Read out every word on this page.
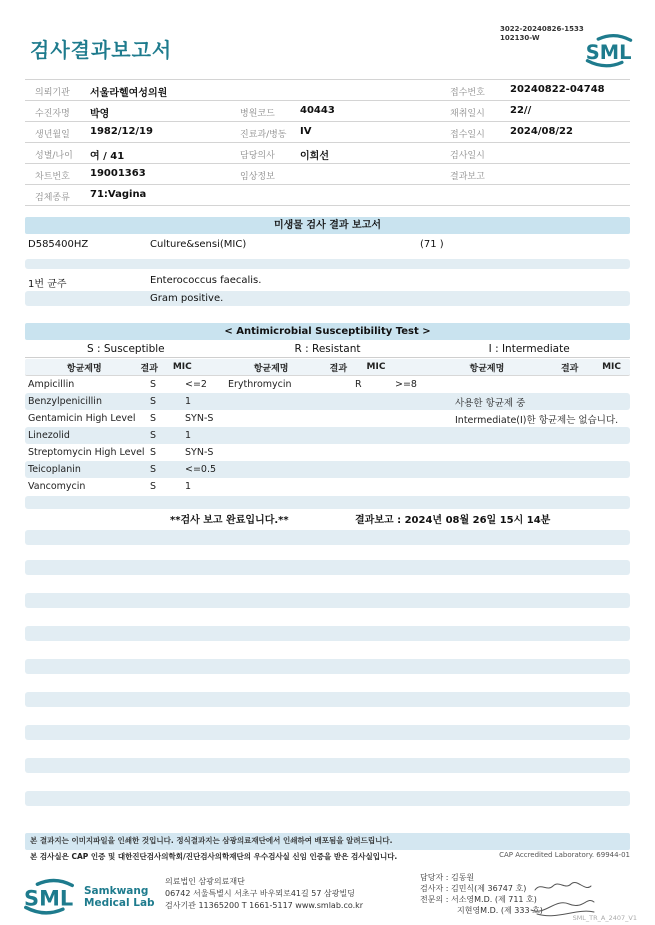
검사결과보고서
3022-20240826-1533
102130-W
SML
의뢰기관 서울라헬여성의원	접수번호	20240822-04748
수진자명 박영	병원코드	40443	채취일시	22//
생년월일 1982/12/19	진료과/병동 IV	접수일시	2024/08/22
성별/나이 여 / 41	담당의사	이희선	검사일시
차트번호 19001363	임상정보	결과보고
검체종류 71:Vagina
미생물 검사 결과 보고서
D585400HZ	Culture&sensi(MIC)	(71 )
1번 균주	Enterococcus faecalis.
Gram positive.
< Antimicrobial Susceptibility Test >
S : Susceptible	R : Resistant	I : Intermediate
항균제명	결과	MIC	항균제명	결과	MIC	항균제명	결과	MIC
Ampicillin	S	<=2	Erythromycin	R	>=8
Benzylpenicillin	S	1	사용한 항균제 중
Gentamicin High Level	S	SYN-S	Intermediate(I)한 항균제는 없습니다.
Linezolid	S	1
Streptomycin High Level S	SYN-S
Teicoplanin	S	<=0.5
Vancomycin	S	1
**검사 보고 완료입니다.**	결과보고 : 2024년 08월 26일 15시 14분
본 결과지는 이미지파일을 인쇄한 것입니다. 정식결과지는 삼광의료재단에서 인쇄하여 배포됨을 알려드립니다.
본 검사실은 CAP 인증 및 대한진단검사의학회/진단검사의학재단의 우수검사실 신임 인증을 받은 검사실입니다.	CAP Accredited Laboratory. 69944-01
SML Samkwang
Medical Lab
의료법인 삼광의료재단
06742 서울특별시 서초구 바우뫼로41길 57 삼광빌딩
검사기관 11365200 T 1661-5117 www.smlab.co.kr
담당자 : 김동원
검사자 : 김민식(제 36747 호)
전문의 : 서소영M.D. (제 711 호)
지현영M.D. (제 333 호)
SML_TR_A_2407_V1
